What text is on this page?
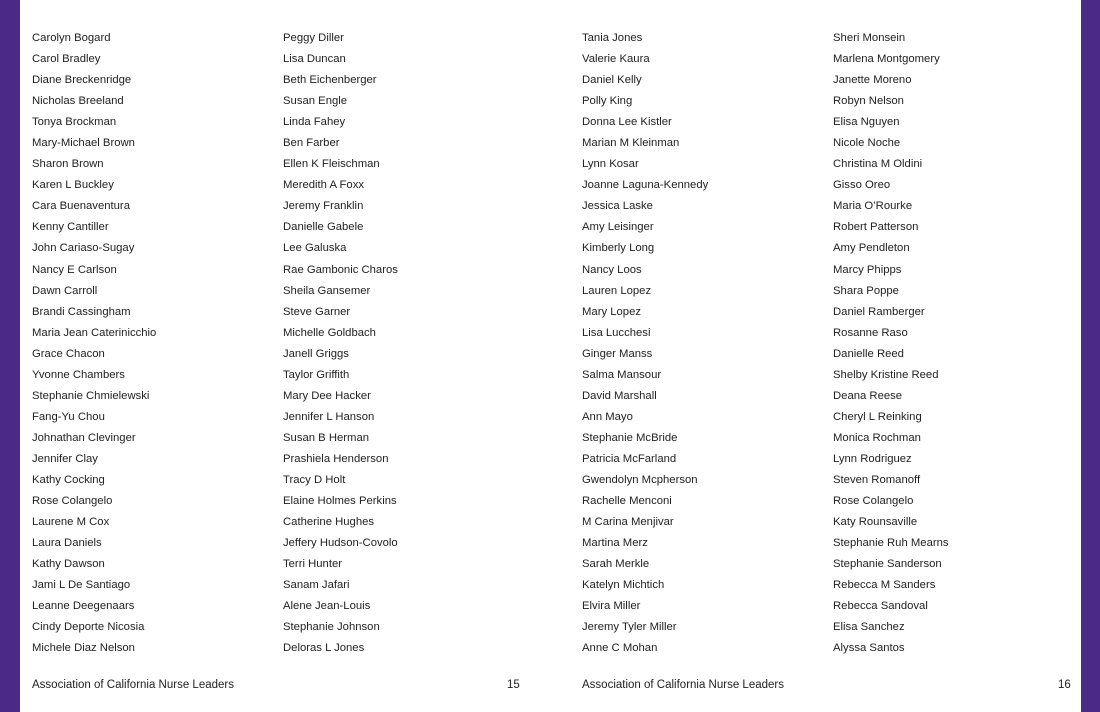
Carolyn Bogard
Carol Bradley
Diane Breckenridge
Nicholas Breeland
Tonya Brockman
Mary-Michael Brown
Sharon Brown
Karen L Buckley
Cara Buenaventura
Kenny Cantiller
John Cariaso-Sugay
Nancy E Carlson
Dawn Carroll
Brandi Cassingham
Maria Jean Caterinicchio
Grace Chacon
Yvonne Chambers
Stephanie Chmielewski
Fang-Yu Chou
Johnathan Clevinger
Jennifer Clay
Kathy Cocking
Rose Colangelo
Laurene M Cox
Laura Daniels
Kathy Dawson
Jami L De Santiago
Leanne Deegenaars
Cindy Deporte Nicosia
Michele Diaz Nelson
Peggy Diller
Lisa Duncan
Beth Eichenberger
Susan Engle
Linda Fahey
Ben Farber
Ellen K Fleischman
Meredith A Foxx
Jeremy Franklin
Danielle Gabele
Lee Galuska
Rae Gambonic Charos
Sheila Gansemer
Steve Garner
Michelle Goldbach
Janell Griggs
Taylor Griffith
Mary Dee Hacker
Jennifer L Hanson
Susan B Herman
Prashiela Henderson
Tracy D Holt
Elaine Holmes Perkins
Catherine Hughes
Jeffery Hudson-Covolo
Terri Hunter
Sanam Jafari
Alene Jean-Louis
Stephanie Johnson
Deloras L Jones
Tania Jones
Valerie Kaura
Daniel Kelly
Polly King
Donna Lee Kistler
Marian M Kleinman
Lynn Kosar
Joanne Laguna-Kennedy
Jessica Laske
Amy Leisinger
Kimberly Long
Nancy Loos
Lauren Lopez
Mary Lopez
Lisa Lucchesi
Ginger Manss
Salma Mansour
David Marshall
Ann Mayo
Stephanie McBride
Patricia McFarland
Gwendolyn Mcpherson
Rachelle Menconi
M Carina Menjivar
Martina Merz
Sarah Merkle
Katelyn Michtich
Elvira Miller
Jeremy Tyler Miller
Anne C Mohan
Sheri Monsein
Marlena Montgomery
Janette Moreno
Robyn Nelson
Elisa Nguyen
Nicole Noche
Christina M Oldini
Gisso Oreo
Maria O’Rourke
Robert Patterson
Amy Pendleton
Marcy Phipps
Shara Poppe
Daniel Ramberger
Rosanne Raso
Danielle Reed
Shelby Kristine Reed
Deana Reese
Cheryl L Reinking
Monica Rochman
Lynn Rodriguez
Steven Romanoff
Rose Colangelo
Katy Rounsaville
Stephanie Ruh Mearns
Stephanie Sanderson
Rebecca M Sanders
Rebecca Sandoval
Elisa Sanchez
Alyssa Santos
Association of California Nurse Leaders	15	Association of California Nurse Leaders	16
